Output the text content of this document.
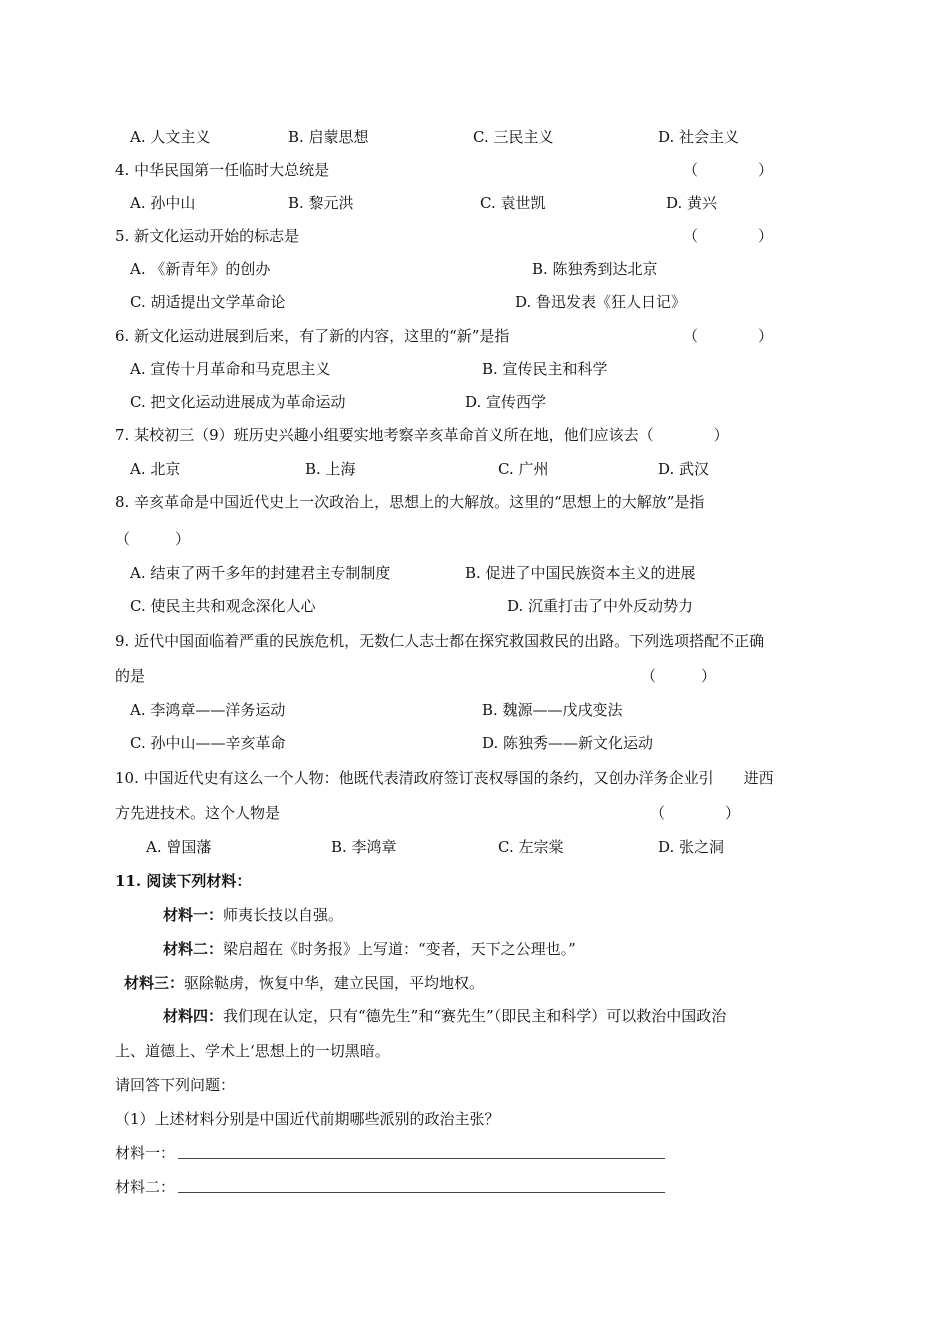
A. 人文主义	B. 启蒙思想	C. 三民主义	D. 社会主义
4. 中华民国第一任临时大总统是	（　　　　）
A. 孙中山	B. 黎元洪	C. 袁世凯	D. 黄兴
5. 新文化运动开始的标志是	（　　　　）
A. 《新青年》的创办	B. 陈独秀到达北京
C. 胡适提出文学革命论	D. 鲁迅发表《狂人日记》
6. 新文化运动进展到后来，有了新的内容，这里的“新”是指	（　　　　）
A. 宣传十月革命和马克思主义	B. 宣传民主和科学
C. 把文化运动进展成为革命运动	D. 宣传西学
7. 某校初三（9）班历史兴趣小组要实地考察辛亥革命首义所在地，他们应该去（　　　　）
A. 北京	B. 上海	C. 广州	D. 武汉
8. 辛亥革命是中国近代史上一次政治上，思想上的大解放。这里的“思想上的大解放”是指
（　　　）
A. 结束了两千多年的封建君主专制制度	B. 促进了中国民族资本主义的进展
C. 使民主共和观念深化人心	D. 沉重打击了中外反动势力
9. 近代中国面临着严重的民族危机，无数仁人志士都在探究救国救民的出路。下列选项搭配不正确
的是	（　　　）
A. 李鸿章——洋务运动	B. 魏源——戊戌变法
C. 孙中山——辛亥革命	D. 陈独秀——新文化运动
10. 中国近代史有这么一个人物：他既代表清政府签订丧权辱国的条约，又创办洋务企业引　　进西
方先进技术。这个人物是	（　　　　）
A. 曾国藩	B. 李鸿章	C. 左宗棠	D. 张之洞
11. 阅读下列材料：
材料一：师夷长技以自强。
材料二：梁启超在《时务报》上写道：“变者，天下之公理也。”
材料三：驱除鞑虏，恢复中华，建立民国，平均地权。
材料四：我们现在认定，只有“德先生”和“赛先生”（即民主和科学）可以救治中国政治
上、道德上、学术上‘思想上的一切黑暗。
请回答下列问题：
（1）上述材料分别是中国近代前期哪些派别的政治主张？
材料一：
材料二：
